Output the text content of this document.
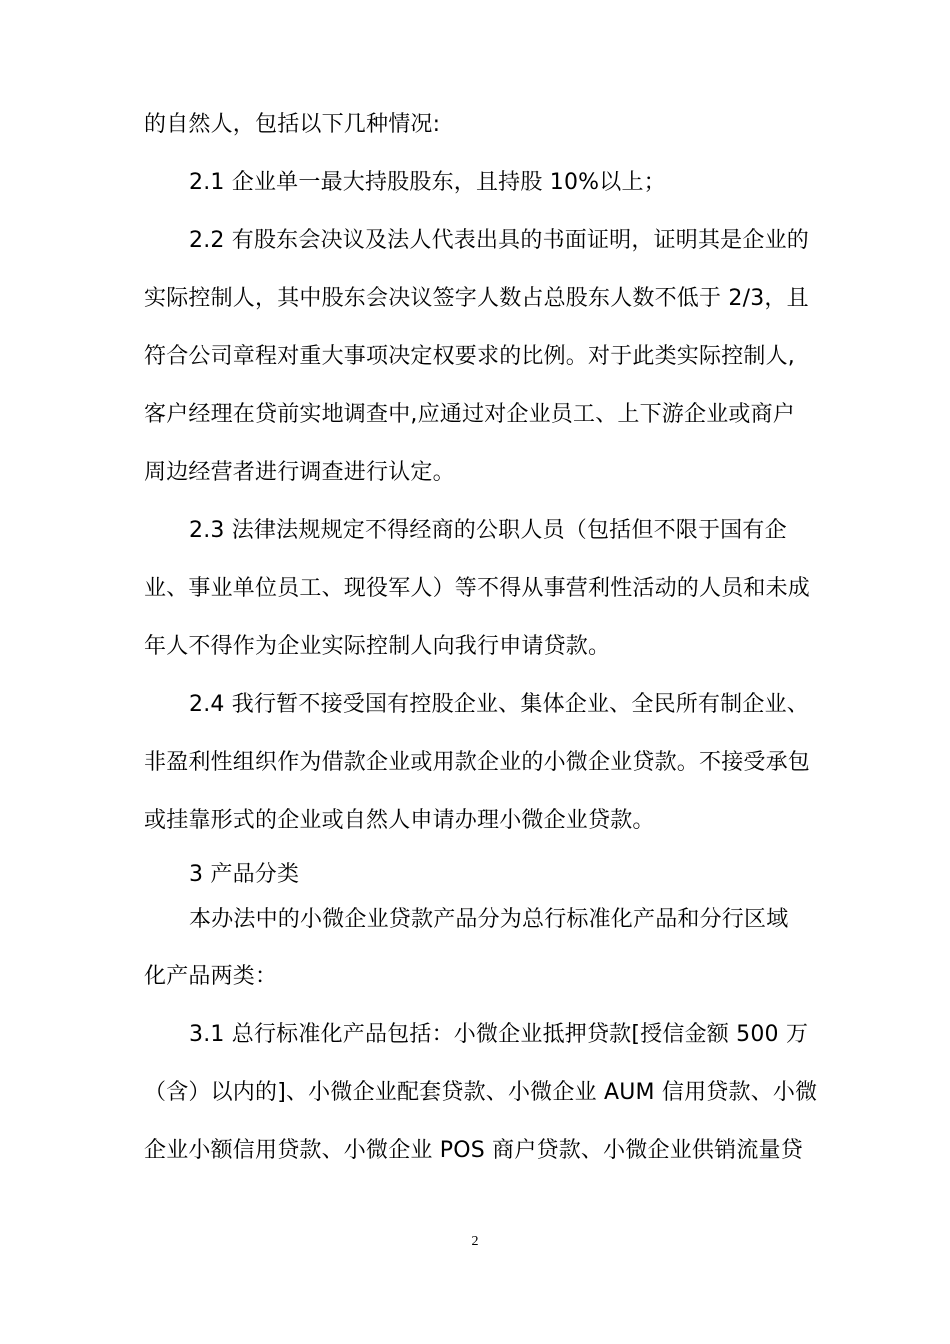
的自然人，包括以下几种情况:
2.1 企业单一最大持股股东，且持股 10%以上；
2.2 有股东会决议及法人代表出具的书面证明，证明其是企业的
实际控制人，其中股东会决议签字人数占总股东人数不低于 2/3，且
符合公司章程对重大事项决定权要求的比例。对于此类实际控制人,
客户经理在贷前实地调查中,应通过对企业员工、上下游企业或商户
周边经营者进行调查进行认定。
2.3 法律法规规定不得经商的公职人员（包括但不限于国有企
业、事业单位员工、现役军人）等不得从事营利性活动的人员和未成
年人不得作为企业实际控制人向我行申请贷款。
2.4 我行暂不接受国有控股企业、集体企业、全民所有制企业、
非盈利性组织作为借款企业或用款企业的小微企业贷款。不接受承包
或挂靠形式的企业或自然人申请办理小微企业贷款。
3 产品分类
本办法中的小微企业贷款产品分为总行标准化产品和分行区域
化产品两类：
3.1 总行标准化产品包括：小微企业抵押贷款[授信金额 500 万
（含）以内的]、小微企业配套贷款、小微企业 AUM 信用贷款、小微
企业小额信用贷款、小微企业 POS 商户贷款、小微企业供销流量贷
2
